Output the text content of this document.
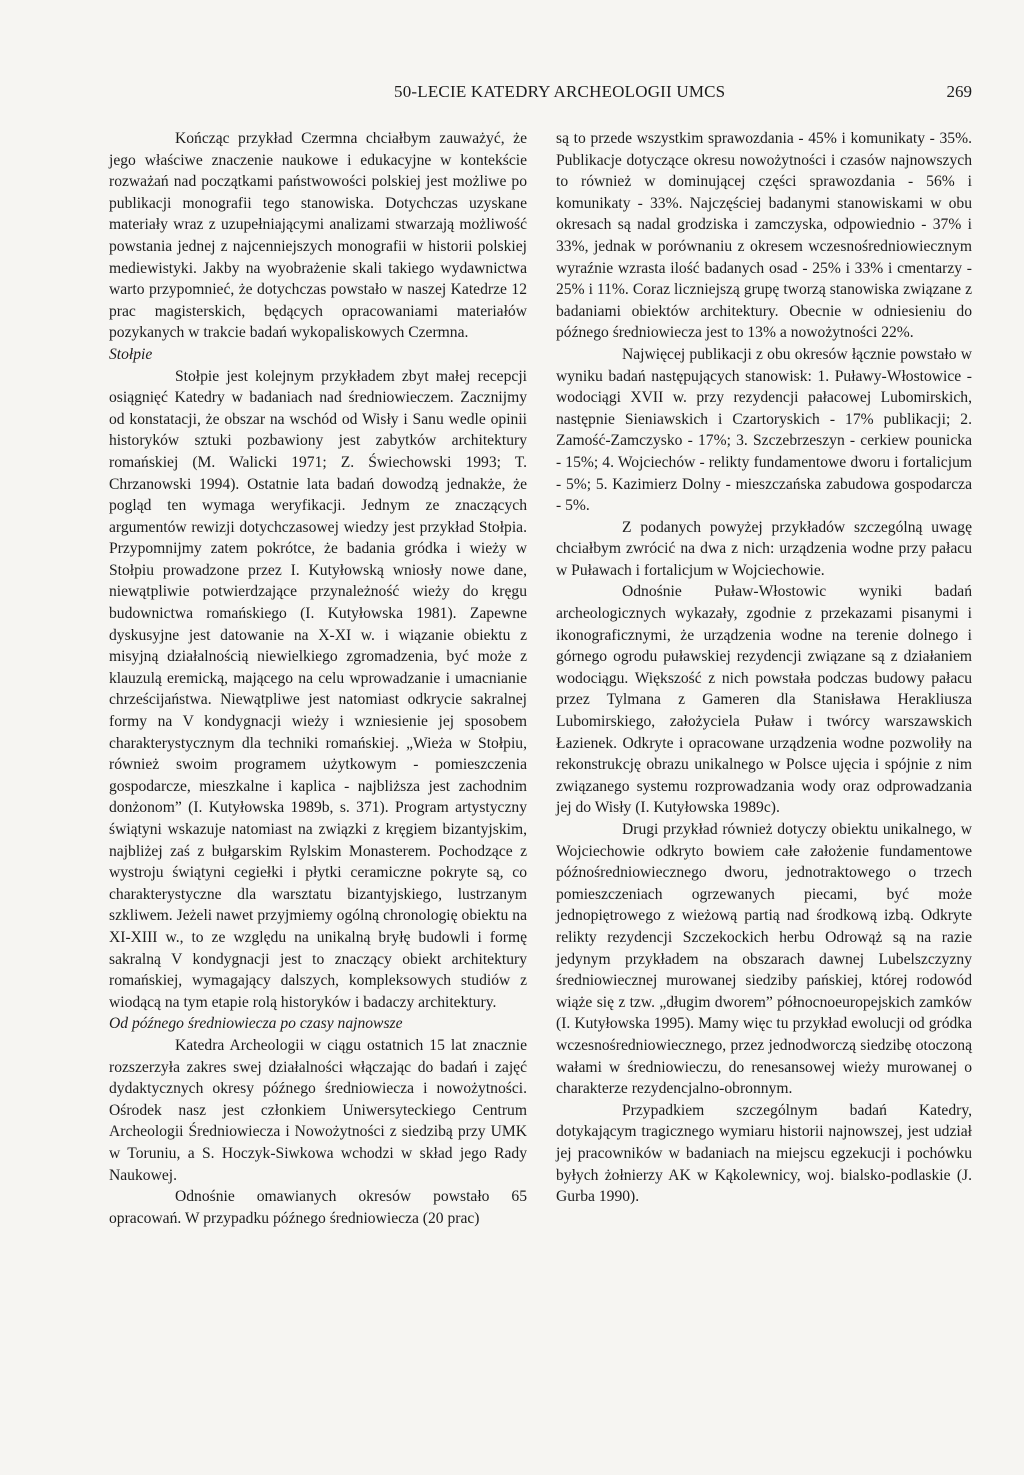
50-LECIE KATEDRY ARCHEOLOGII UMCS	269

Kończąc przykład Czermna chciałbym zauważyć, że jego właściwe znaczenie naukowe i edukacyjne w kontekście rozważań nad początkami państwowości polskiej jest możliwe po publikacji monografii tego stanowiska. Dotychczas uzyskane materiały wraz z uzupełniającymi analizami stwarzają możliwość powstania jednej z najcenniejszych monografii w historii polskiej mediewistyki. Jakby na wyobrażenie skali takiego wydawnictwa warto przypomnieć, że dotychczas powstało w naszej Katedrze 12 prac magisterskich, będących opracowaniami materiałów pozykanych w trakcie badań wykopaliskowych Czermna.

Stołpie

Stołpie jest kolejnym przykładem zbyt małej recepcji osiągnięć Katedry w badaniach nad średniowieczem. Zacznijmy od konstatacji, że obszar na wschód od Wisły i Sanu wedle opinii historyków sztuki pozbawiony jest zabytków architektury romańskiej (M. Walicki 1971; Z. Świechowski 1993; T. Chrzanowski 1994). Ostatnie lata badań dowodzą jednakże, że pogląd ten wymaga weryfikacji. Jednym ze znaczących argumentów rewizji dotychczasowej wiedzy jest przykład Stołpia. Przypomnijmy zatem pokrótce, że badania gródka i wieży w Stołpiu prowadzone przez I. Kutyłowską wniosły nowe dane, niewątpliwie potwierdzające przynależność wieży do kręgu budownictwa romańskiego (I. Kutyłowska 1981). Zapewne dyskusyjne jest datowanie na X-XI w. i wiązanie obiektu z misyjną działalnością niewielkiego zgromadzenia, być może z klauzulą eremicką, mającego na celu wprowadzanie i umacnianie chrześcijaństwa. Niewątpliwe jest natomiast odkrycie sakralnej formy na V kondygnacji wieży i wzniesienie jej sposobem charakterystycznym dla techniki romańskiej. „Wieża w Stołpiu, również swoim programem użytkowym - pomieszczenia gospodarcze, mieszkalne i kaplica - najbliższa jest zachodnim donżonom” (I. Kutyłowska 1989b, s. 371). Program artystyczny świątyni wskazuje natomiast na związki z kręgiem bizantyjskim, najbliżej zaś z bułgarskim Rylskim Monasterem. Pochodzące z wystroju świątyni cegiełki i płytki ceramiczne pokryte są, co charakterystyczne dla warsztatu bizantyjskiego, lustrzanym szkliwem. Jeżeli nawet przyjmiemy ogólną chronologię obiektu na XI-XIII w., to ze względu na unikalną bryłę budowli i formę sakralną V kondygnacji jest to znaczący obiekt architektury romańskiej, wymagający dalszych, kompleksowych studiów z wiodącą na tym etapie rolą historyków i badaczy architektury.

Od późnego średniowiecza po czasy najnowsze

Katedra Archeologii w ciągu ostatnich 15 lat znacznie rozszerzyła zakres swej działalności włączając do badań i zajęć dydaktycznych okresy późnego średniowiecza i nowożytności. Ośrodek nasz jest członkiem Uniwersyteckiego Centrum Archeologii Średniowiecza i Nowożytności z siedzibą przy UMK w Toruniu, a S. Hoczyk-Siwkowa wchodzi w skład jego Rady Naukowej.

Odnośnie omawianych okresów powstało 65 opracowań. W przypadku późnego średniowiecza (20 prac)

są to przede wszystkim sprawozdania - 45% i komunikaty - 35%. Publikacje dotyczące okresu nowożytności i czasów najnowszych to również w dominującej części sprawozdania - 56% i komunikaty - 33%. Najczęściej badanymi stanowiskami w obu okresach są nadal grodziska i zamczyska, odpowiednio - 37% i 33%, jednak w porównaniu z okresem wczesnośredniowiecznym wyraźnie wzrasta ilość badanych osad - 25% i 33% i cmentarzy - 25% i 11%. Coraz liczniejszą grupę tworzą stanowiska związane z badaniami obiektów architektury. Obecnie w odniesieniu do późnego średniowiecza jest to 13% a nowożytności 22%.

Najwięcej publikacji z obu okresów łącznie powstało w wyniku badań następujących stanowisk: 1. Puławy-Włostowice - wodociągi XVII w. przy rezydencji pałacowej Lubomirskich, następnie Sieniawskich i Czartoryskich - 17% publikacji; 2. Zamość-Zamczysko - 17%; 3. Szczebrzeszyn - cerkiew pounicka - 15%; 4. Wojciechów - relikty fundamentowe dworu i fortalicjum - 5%; 5. Kazimierz Dolny - mieszczańska zabudowa gospodarcza - 5%.

Z podanych powyżej przykładów szczególną uwagę chciałbym zwrócić na dwa z nich: urządzenia wodne przy pałacu w Puławach i fortalicjum w Wojciechowie.

Odnośnie Puław-Włostowic wyniki badań archeologicznych wykazały, zgodnie z przekazami pisanymi i ikonograficznymi, że urządzenia wodne na terenie dolnego i górnego ogrodu puławskiej rezydencji związane są z działaniem wodociągu. Większość z nich powstała podczas budowy pałacu przez Tylmana z Gameren dla Stanisława Herakliusza Lubomirskiego, założyciela Puław i twórcy warszawskich Łazienek. Odkryte i opracowane urządzenia wodne pozwoliły na rekonstrukcję obrazu unikalnego w Polsce ujęcia i spójnie z nim związanego systemu rozprowadzania wody oraz odprowadzania jej do Wisły (I. Kutyłowska 1989c).

Drugi przykład również dotyczy obiektu unikalnego, w Wojciechowie odkryto bowiem całe założenie fundamentowe późnośredniowiecznego dworu, jednotraktowego o trzech pomieszczeniach ogrzewanych piecami, być może jednopiętrowego z wieżową partią nad środkową izbą. Odkryte relikty rezydencji Szczekockich herbu Odrowąż są na razie jedynym przykładem na obszarach dawnej Lubelszczyzny średniowiecznej murowanej siedziby pańskiej, której rodowód wiąże się z tzw. „długim dworem” północnoeuropejskich zamków (I. Kutyłowska 1995). Mamy więc tu przykład ewolucji od gródka wczesnośredniowiecznego, przez jednodworczą siedzibę otoczoną wałami w średniowieczu, do renesansowej wieży murowanej o charakterze rezydencjalno-obronnym.

Przypadkiem szczególnym badań Katedry, dotykającym tragicznego wymiaru historii najnowszej, jest udział jej pracowników w badaniach na miejscu egzekucji i pochówku byłych żołnierzy AK w Kąkolewnicy, woj. bialsko-podlaskie (J. Gurba 1990).
